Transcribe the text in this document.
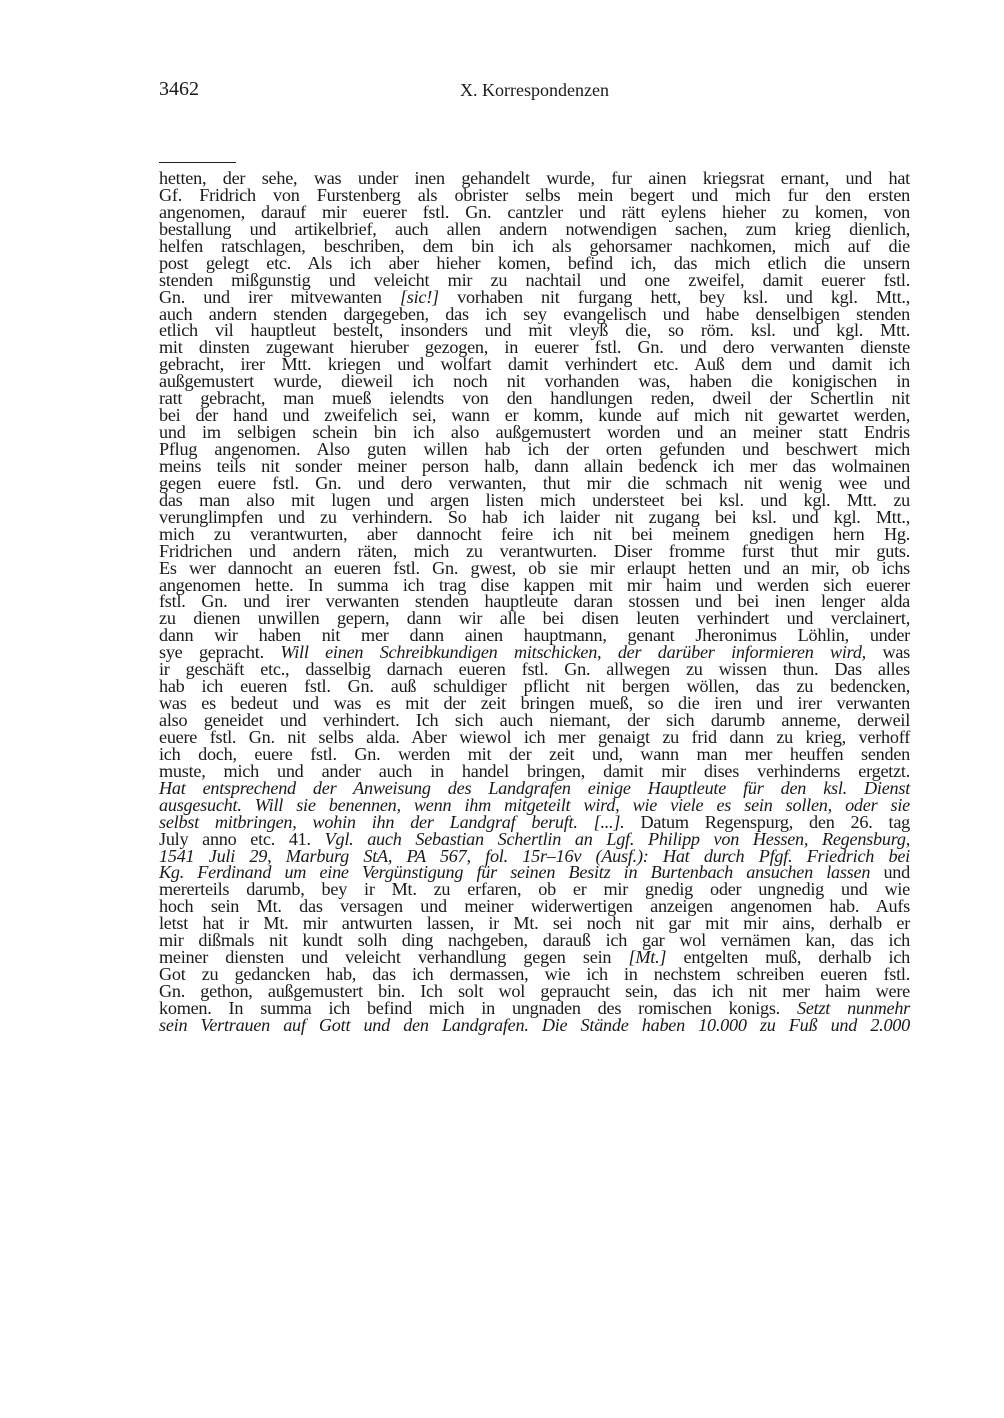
3462	X. Korrespondenzen
hetten, der sehe, was under inen gehandelt wurde, fur ainen kriegsrat ernant, und hat
Gf. Fridrich von Furstenberg als obrister selbs mein begert und mich fur den ersten
angenomen, darauf mir euerer fstl. Gn. cantzler und rätt eylens hieher zu komen, von
bestallung und artikelbrief, auch allen andern notwendigen sachen, zum krieg dienlich,
helfen ratschlagen, beschriben, dem bin ich als gehorsamer nachkomen, mich auf die
post gelegt etc. Als ich aber hieher komen, befind ich, das mich etlich die unsern
stenden mißgunstig und veleicht mir zu nachtail und one zweifel, damit euerer fstl.
Gn. und irer mitvewanten [sic!] vorhaben nit furgang hett, bey ksl. und kgl. Mtt.,
auch andern stenden dargegeben, das ich sey evangelisch und habe denselbigen stenden
etlich vil hauptleut bestelt, insonders und mit vleyß die, so röm. ksl. und kgl. Mtt.
mit dinsten zugewant hieruber gezogen, in euerer fstl. Gn. und dero verwanten dienste
gebracht, irer Mtt. kriegen und wolfart damit verhindert etc. Auß dem und damit ich
außgemustert wurde, dieweil ich noch nit vorhanden was, haben die konigischen in
ratt gebracht, man mueß ielendts von den handlungen reden, dweil der Schertlin nit
bei der hand und zweifelich sei, wann er komm, kunde auf mich nit gewartet werden,
und im selbigen schein bin ich also außgemustert worden und an meiner statt Endris
Pflug angenomen. Also guten willen hab ich der orten gefunden und beschwert mich
meins teils nit sonder meiner person halb, dann allain bedenck ich mer das wolmainen
gegen euere fstl. Gn. und dero verwanten, thut mir die schmach nit wenig wee und
das man also mit lugen und argen listen mich understeet bei ksl. und kgl. Mtt. zu
verunglimpfen und zu verhindern. So hab ich laider nit zugang bei ksl. und kgl. Mtt.,
mich zu verantwurten, aber dannocht feire ich nit bei meinem gnedigen hern Hg.
Fridrichen und andern räten, mich zu verantwurten. Diser fromme furst thut mir guts.
Es wer dannocht an eueren fstl. Gn. gwest, ob sie mir erlaupt hetten und an mir, ob ichs
angenomen hette. In summa ich trag dise kappen mit mir haim und werden sich euerer
fstl. Gn. und irer verwanten stenden hauptleute daran stossen und bei inen lenger alda
zu dienen unwillen gepern, dann wir alle bei disen leuten verhindert und verclainert,
dann wir haben nit mer dann ainen hauptmann, genant Jheronimus Löhlin, under
sye gepracht. Will einen Schreibkundigen mitschicken, der darüber informieren wird, was
ir geschäft etc., dasselbig darnach eueren fstl. Gn. allwegen zu wissen thun. Das alles
hab ich eueren fstl. Gn. auß schuldiger pflicht nit bergen wöllen, das zu bedencken,
was es bedeut und was es mit der zeit bringen mueß, so die iren und irer verwanten
also geneidet und verhindert. Ich sich auch niemant, der sich darumb anneme, derweil
euere fstl. Gn. nit selbs alda. Aber wiewol ich mer genaigt zu frid dann zu krieg, verhoff
ich doch, euere fstl. Gn. werden mit der zeit und, wann man mer heuffen senden
muste, mich und ander auch in handel bringen, damit mir dises verhinderns ergetzt.
Hat entsprechend der Anweisung des Landgrafen einige Hauptleute für den ksl. Dienst
ausgesucht. Will sie benennen, wenn ihm mitgeteilt wird, wie viele es sein sollen, oder sie
selbst mitbringen, wohin ihn der Landgraf beruft. [...]. Datum Regenspurg, den 26. tag
July anno etc. 41. Vgl. auch Sebastian Schertlin an Lgf. Philipp von Hessen, Regensburg,
1541 Juli 29, Marburg StA, PA 567, fol. 15r–16v (Ausf.): Hat durch Pfgf. Friedrich bei
Kg. Ferdinand um eine Vergünstigung für seinen Besitz in Burtenbach ansuchen lassen und
mererteils darumb, bey ir Mt. zu erfaren, ob er mir gnedig oder ungnedig und wie
hoch sein Mt. das versagen und meiner widerwertigen anzeigen angenomen hab. Aufs
letst hat ir Mt. mir antwurten lassen, ir Mt. sei noch nit gar mit mir ains, derhalb er
mir dißmals nit kundt solh ding nachgeben, darauß ich gar wol vernämen kan, das ich
meiner diensten und veleicht verhandlung gegen sein [Mt.] entgelten muß, derhalb ich
Got zu gedancken hab, das ich dermassen, wie ich in nechstem schreiben eueren fstl.
Gn. gethon, außgemustert bin. Ich solt wol gepraucht sein, das ich nit mer haim were
komen. In summa ich befind mich in ungnaden des romischen konigs. Setzt nunmehr
sein Vertrauen auf Gott und den Landgrafen. Die Stände haben 10.000 zu Fuß und 2.000
